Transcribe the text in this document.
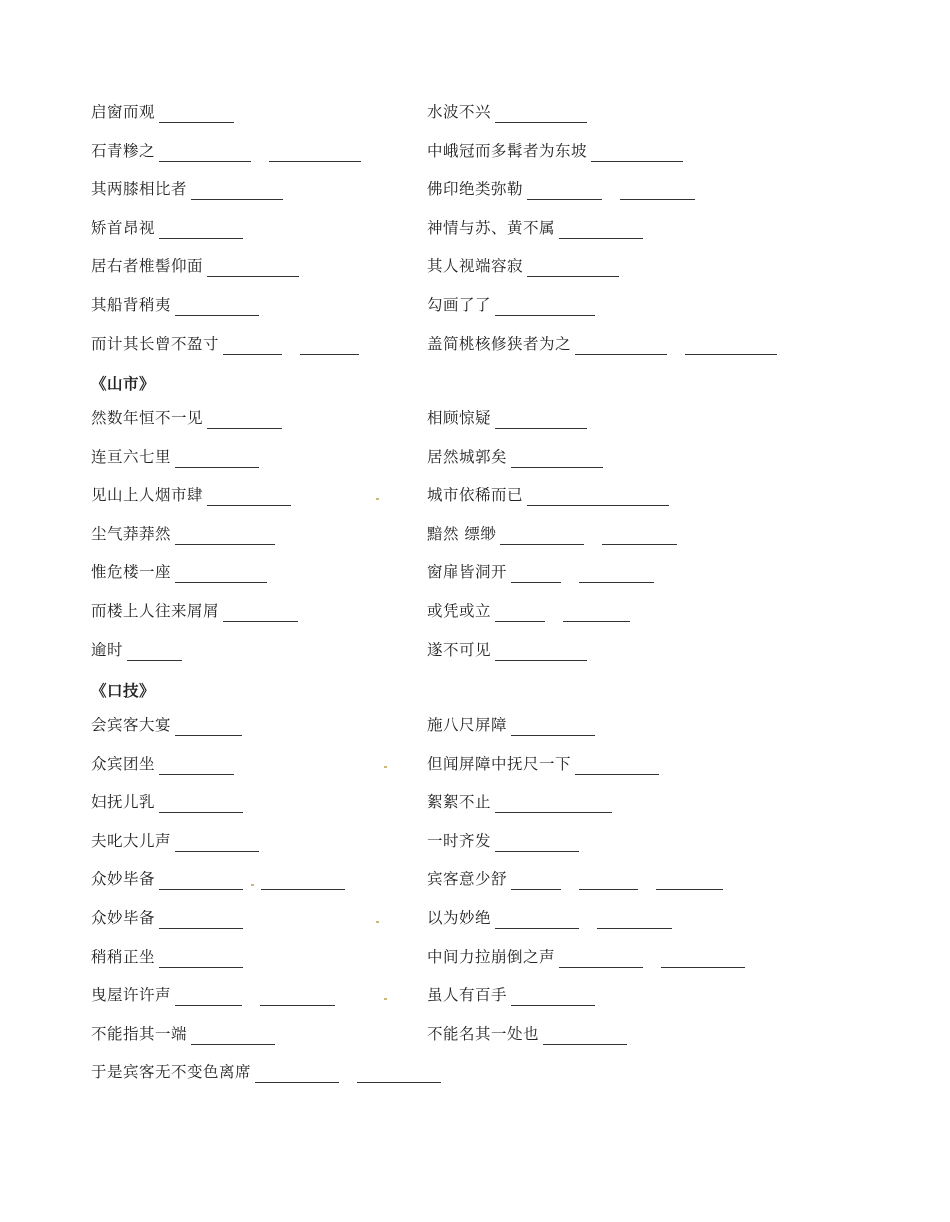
启窗而观	水波不兴
石青糁之	中峨冠而多髯者为东坡
其两膝相比者	佛印绝类弥勒
矫首昂视	神情与苏、黄不属
居右者椎髻仰面	其人视端容寂
其船背稍夷	勾画了了
而计其长曾不盈寸	盖简桃核修狭者为之
《山市》
然数年恒不一见	相顾惊疑
连亘六七里	居然城郭矣
见山上人烟市肆	城市依稀而已
尘气莽莽然	黯然 缥缈
惟危楼一座	窗扉皆洞开
而楼上人往来屑屑	或凭或立
逾时	遂不可见
《口技》
会宾客大宴	施八尺屏障
众宾团坐	但闻屏障中抚尺一下
妇抚儿乳	絮絮不止
夫叱大儿声	一时齐发
众妙毕备	宾客意少舒
众妙毕备	以为妙绝
稍稍正坐	中间力拉崩倒之声
曳屋许许声	虽人有百手
不能指其一端	不能名其一处也
于是宾客无不变色离席
